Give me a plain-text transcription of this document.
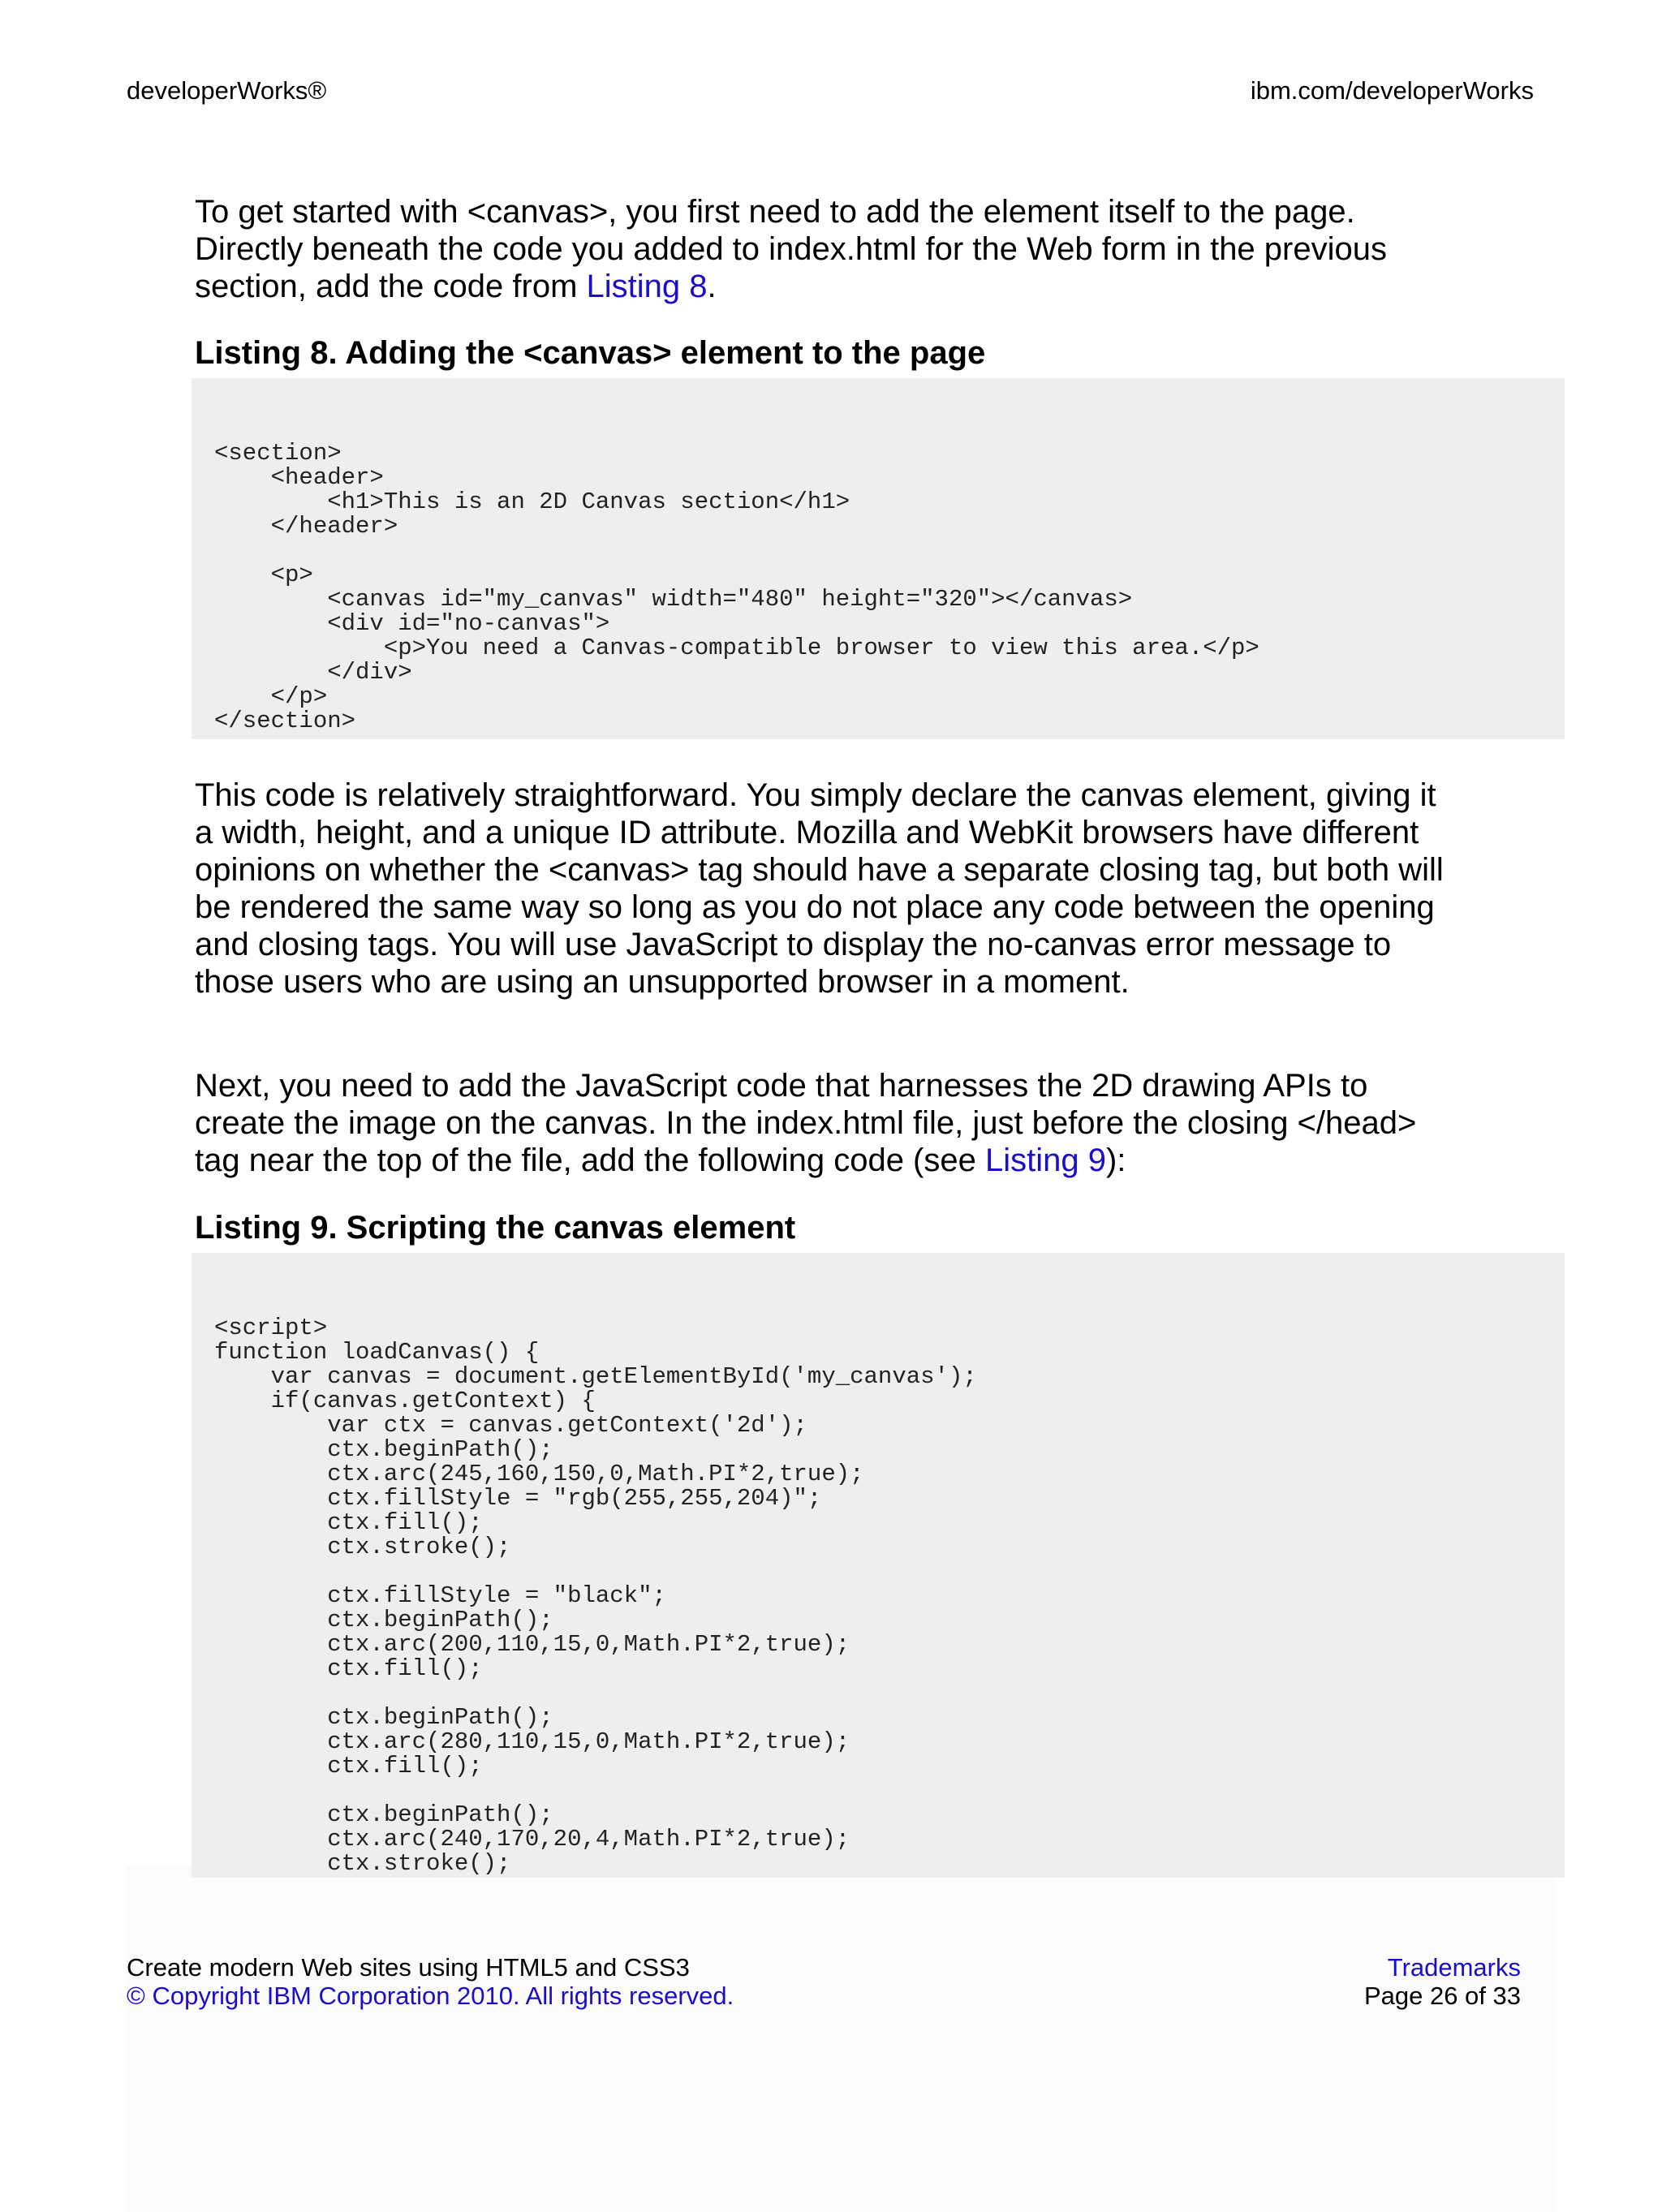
developerWorks®	ibm.com/developerWorks

To get started with <canvas>, you first need to add the element itself to the page. Directly beneath the code you added to index.html for the Web form in the previous section, add the code from Listing 8.

Listing 8. Adding the <canvas> element to the page
<section>
<header>
<h1>This is an 2D Canvas section</h1>
</header>

<p>
<canvas id="my_canvas" width="480" height="320"></canvas>
<div id="no-canvas">
<p>You need a Canvas-compatible browser to view this area.</p>
</div>
</p>
</section>

This code is relatively straightforward. You simply declare the canvas element, giving it a width, height, and a unique ID attribute. Mozilla and WebKit browsers have different opinions on whether the <canvas> tag should have a separate closing tag, but both will be rendered the same way so long as you do not place any code between the opening and closing tags. You will use JavaScript to display the no-canvas error message to those users who are using an unsupported browser in a moment.

Next, you need to add the JavaScript code that harnesses the 2D drawing APIs to create the image on the canvas. In the index.html file, just before the closing </head> tag near the top of the file, add the following code (see Listing 9):

Listing 9. Scripting the canvas element
<script>
function loadCanvas() {
var canvas = document.getElementById('my_canvas');
if(canvas.getContext) {
var ctx = canvas.getContext('2d');
ctx.beginPath();
ctx.arc(245,160,150,0,Math.PI*2,true);
ctx.fillStyle = "rgb(255,255,204)";
ctx.fill();
ctx.stroke();

ctx.fillStyle = "black";
ctx.beginPath();
ctx.arc(200,110,15,0,Math.PI*2,true);
ctx.fill();

ctx.beginPath();
ctx.arc(280,110,15,0,Math.PI*2,true);
ctx.fill();

ctx.beginPath();
ctx.arc(240,170,20,4,Math.PI*2,true);
ctx.stroke();
Create modern Web sites using HTML5 and CSS3
© Copyright IBM Corporation 2010. All rights reserved.
Trademarks
Page 26 of 33
